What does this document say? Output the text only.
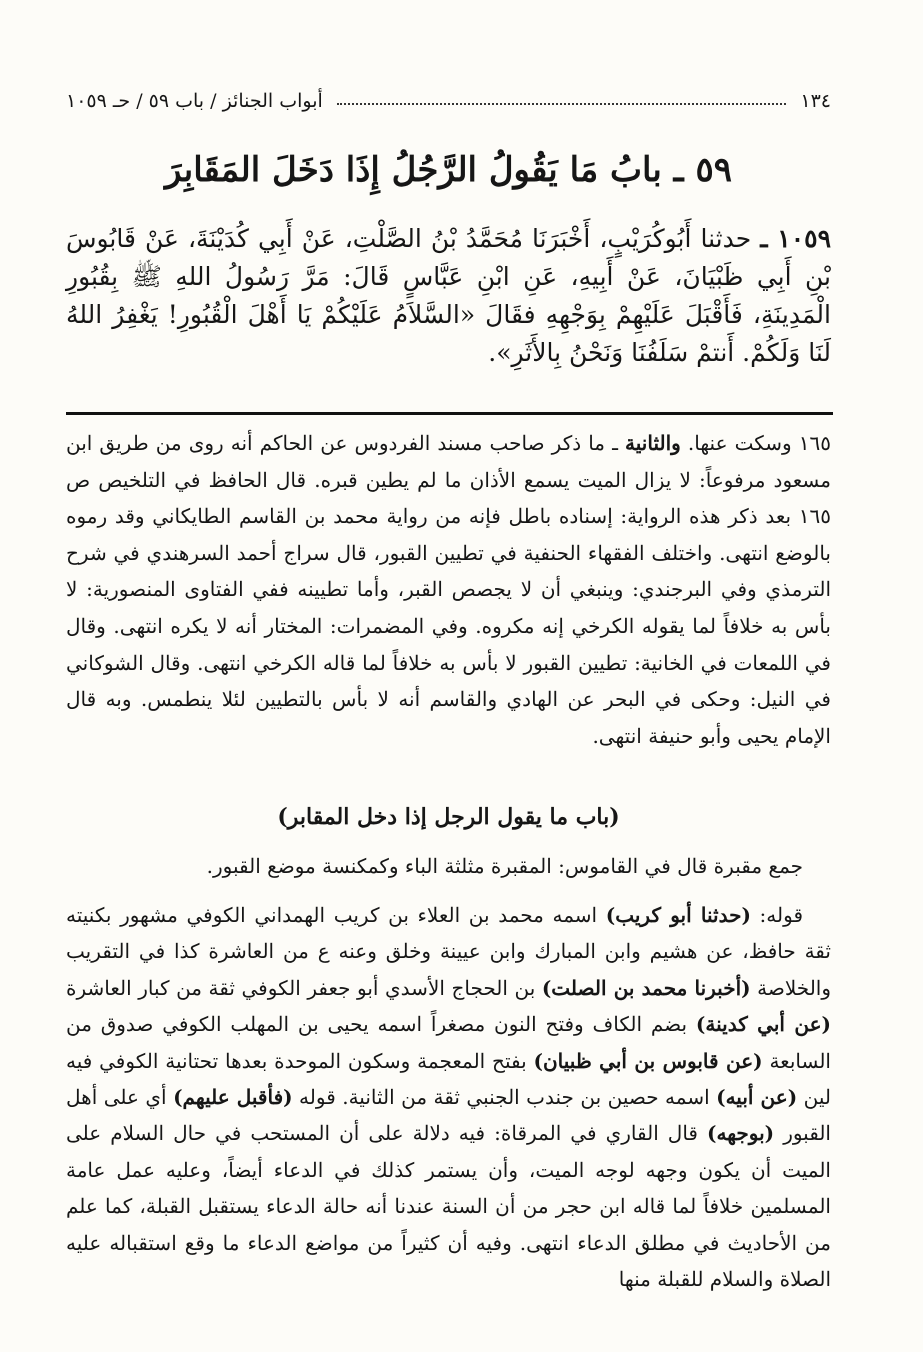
١٣٤
أبواب الجنائز / باب ٥٩ / حـ ١٠٥٩
٥٩ ـ بابُ مَا يَقُولُ الرَّجُلُ إِذَا دَخَلَ المَقَابِرَ

١٠٥٩ ـ حدثنا أَبُوكُرَيْبٍ، أَخْبَرَنَا مُحَمَّدُ بْنُ الصَّلْتِ، عَنْ أَبِي كُدَيْنَةَ، عَنْ قَابُوسَ بْنِ أَبِي ظَبْيَانَ، عَنْ أَبِيهِ، عَنِ ابْنِ عَبَّاسٍ قَالَ: مَرَّ رَسُولُ اللهِ ﷺ بِقُبُورِ الْمَدِينَةِ، فَأَقْبَلَ عَلَيْهِمْ بِوَجْهِهِ فقَالَ «السَّلاَمُ عَلَيْكُمْ يَا أَهْلَ الْقُبُورِ! يَغْفِرُ اللهُ لَنَا وَلَكُمْ. أَنتمْ سَلَفُنَا وَنَحْنُ بِالأَثَرِ».

١٦٥ وسكت عنها. والثانية ـ ما ذكر صاحب مسند الفردوس عن الحاكم أنه روى من طريق ابن مسعود مرفوعاً: لا يزال الميت يسمع الأذان ما لم يطين قبره. قال الحافظ في التلخيص ص ١٦٥ بعد ذكر هذه الرواية: إسناده باطل فإنه من رواية محمد بن القاسم الطايكاني وقد رموه بالوضع انتهى. واختلف الفقهاء الحنفية في تطيين القبور، قال سراج أحمد السرهندي في شرح الترمذي وفي البرجندي: وينبغي أن لا يجصص القبر، وأما تطيينه ففي الفتاوى المنصورية: لا بأس به خلافاً لما يقوله الكرخي إنه مكروه. وفي المضمرات: المختار أنه لا يكره انتهى. وقال في اللمعات في الخانية: تطيين القبور لا بأس به خلافاً لما قاله الكرخي انتهى. وقال الشوكاني في النيل: وحكى في البحر عن الهادي والقاسم أنه لا بأس بالتطيين لئلا ينطمس. وبه قال الإمام يحيى وأبو حنيفة انتهى.

(باب ما يقول الرجل إذا دخل المقابر)

جمع مقبرة قال في القاموس: المقبرة مثلثة الباء وكمكنسة موضع القبور.

قوله: (حدثنا أبو كريب) اسمه محمد بن العلاء بن كريب الهمداني الكوفي مشهور بكنيته ثقة حافظ، عن هشيم وابن المبارك وابن عيينة وخلق وعنه ع من العاشرة كذا في التقريب والخلاصة (أخبرنا محمد بن الصلت) بن الحجاج الأسدي أبو جعفر الكوفي ثقة من كبار العاشرة (عن أبي كدينة) بضم الكاف وفتح النون مصغراً اسمه يحيى بن المهلب الكوفي صدوق من السابعة (عن قابوس بن أبي ظبيان) بفتح المعجمة وسكون الموحدة بعدها تحتانية الكوفي فيه لين (عن أبيه) اسمه حصين بن جندب الجنبي ثقة من الثانية. قوله (فأقبل عليهم) أي على أهل القبور (بوجهه) قال القاري في المرقاة: فيه دلالة على أن المستحب في حال السلام على الميت أن يكون وجهه لوجه الميت، وأن يستمر كذلك في الدعاء أيضاً، وعليه عمل عامة المسلمين خلافاً لما قاله ابن حجر من أن السنة عندنا أنه حالة الدعاء يستقبل القبلة، كما علم من الأحاديث في مطلق الدعاء انتهى. وفيه أن كثيراً من مواضع الدعاء ما وقع استقباله عليه الصلاة والسلام للقبلة منها
